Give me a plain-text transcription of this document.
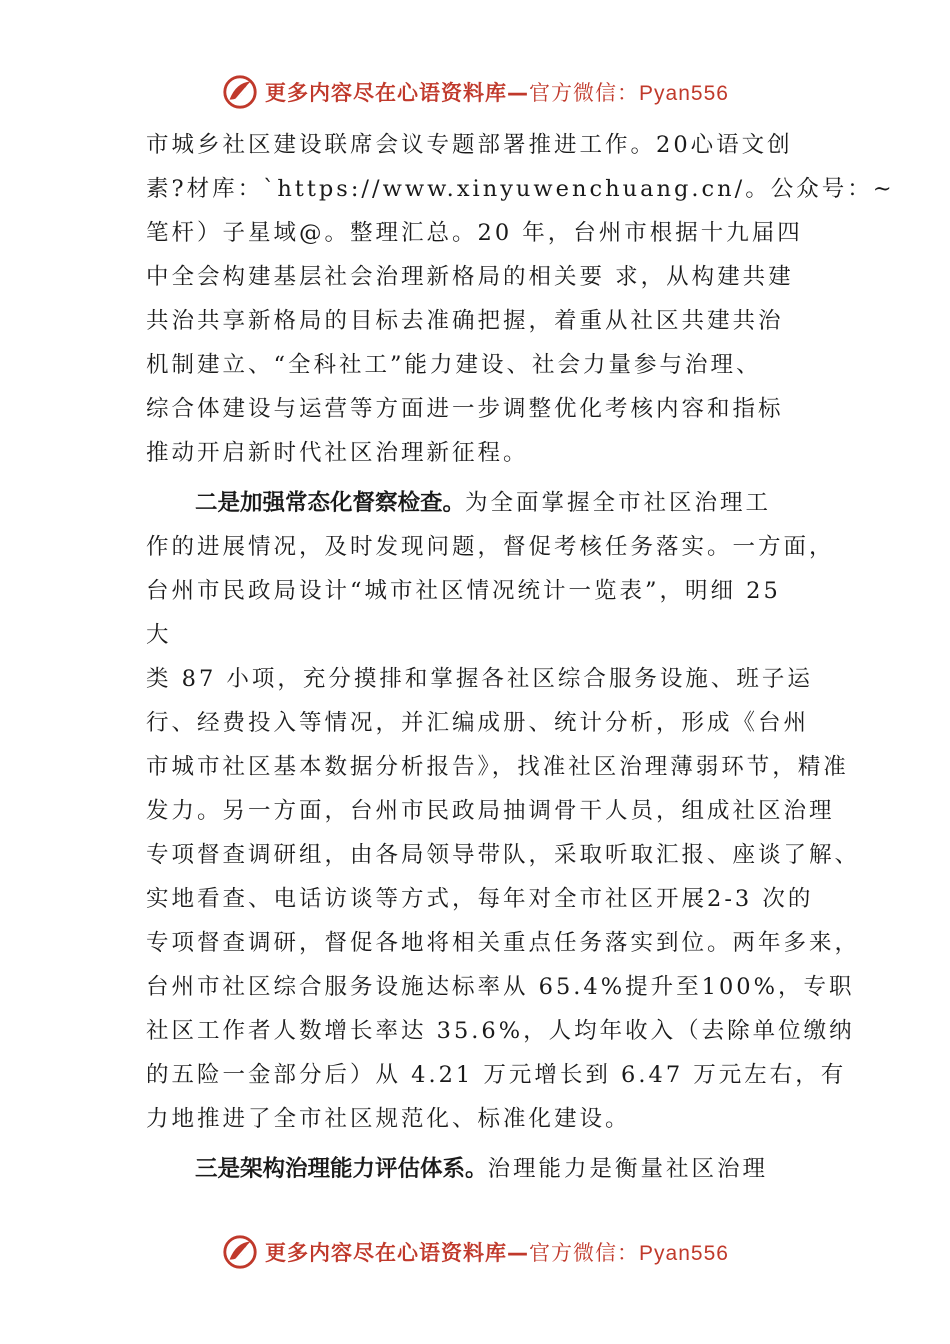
更多内容尽在心语资料库—官方微信：Pyan556
市城乡社区建设联席会议专题部署推进工作。20心语文创
素?材库：`https://www.xinyuwenchuang.cn/。公众号：~
笔杆）子星域@。整理汇总。20 年，台州市根据十九届四
中全会构建基层社会治理新格局的相关要 求，从构建共建
共治共享新格局的目标去准确把握，着重从社区共建共治
机制建立、“全科社工”能力建设、社会力量参与治理、
综合体建设与运营等方面进一步调整优化考核内容和指标
推动开启新时代社区治理新征程。
二是加强常态化督察检查。为全面掌握全市社区治理工
作的进展情况，及时发现问题，督促考核任务落实。一方面，
台州市民政局设计“城市社区情况统计一览表”，明细 25
大
类 87 小项，充分摸排和掌握各社区综合服务设施、班子运
行、经费投入等情况，并汇编成册、统计分析，形成《台州
市城市社区基本数据分析报告》，找准社区治理薄弱环节，精准
发力。另一方面，台州市民政局抽调骨干人员，组成社区治理
专项督查调研组，由各局领导带队，采取听取汇报、座谈了解、
实地看查、电话访谈等方式，每年对全市社区开展2-3 次的
专项督查调研，督促各地将相关重点任务落实到位。两年多来，
台州市社区综合服务设施达标率从 65.4%提升至100%，专职
社区工作者人数增长率达 35.6%，人均年收入（去除单位缴纳
的五险一金部分后）从 4.21 万元增长到 6.47 万元左右，有
力地推进了全市社区规范化、标准化建设。
三是架构治理能力评估体系。治理能力是衡量社区治理
更多内容尽在心语资料库—官方微信：Pyan556
